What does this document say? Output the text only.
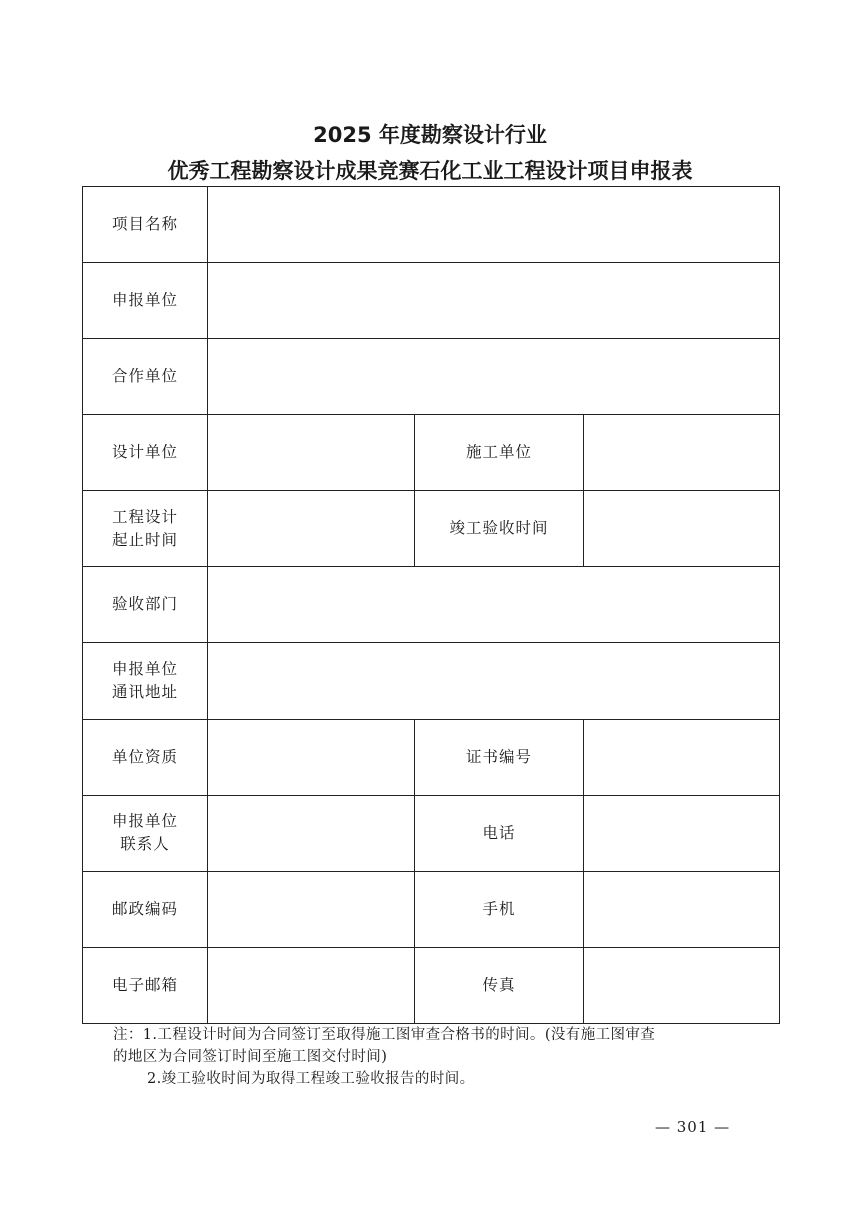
2025 年度勘察设计行业
优秀工程勘察设计成果竞赛石化工业工程设计项目申报表
项目名称			
申报单位			
合作单位			
设计单位		施工单位	

工程设计
起止时间		竣工验收时间	
验收部门			

申报单位
通讯地址			

单位资质		证书编号	

申报单位
联系人		电话	
邮政编码		手机	
电子邮箱		传真	
注：1.工程设计时间为合同签订至取得施工图审查合格书的时间。(没有施工图审查
的地区为合同签订时间至施工图交付时间)
2.竣工验收时间为取得工程竣工验收报告的时间。
— 301 —
